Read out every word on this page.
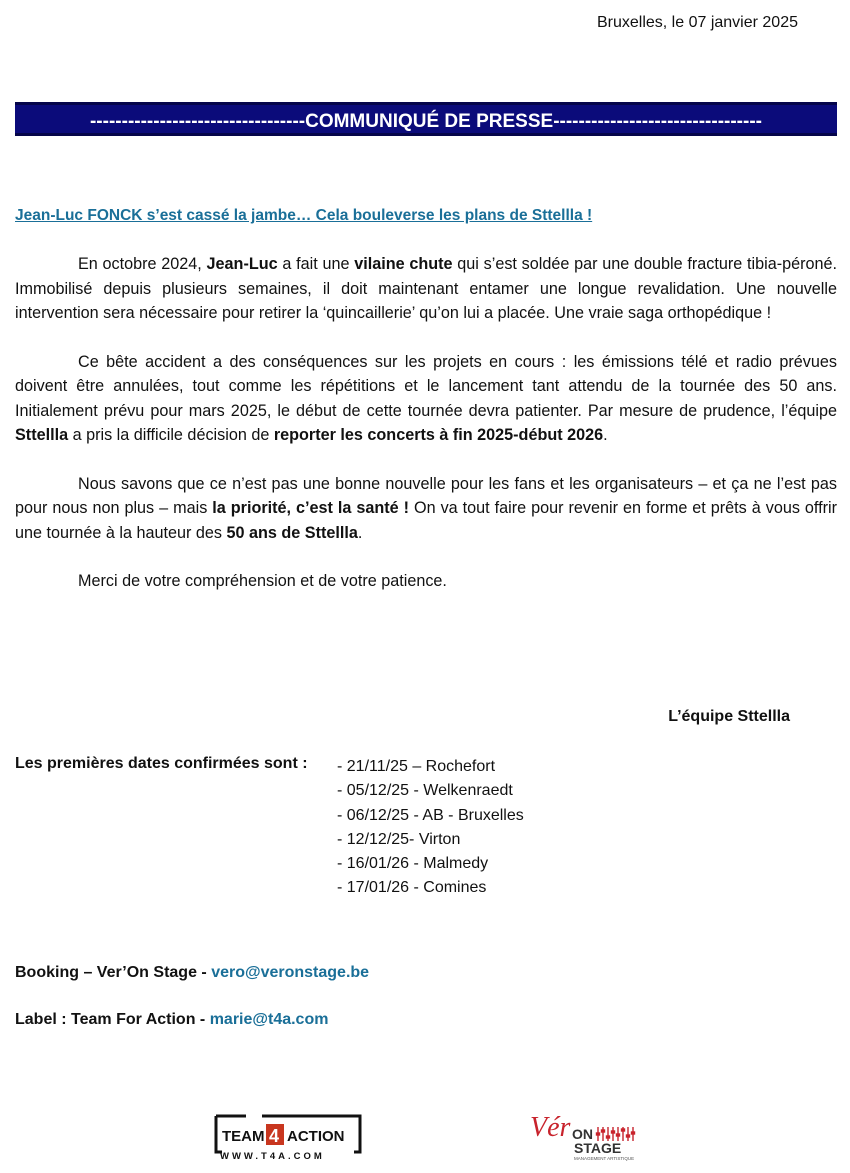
Bruxelles, le 07 janvier 2025
----------------------------------COMMUNIQUÉ DE PRESSE---------------------------------
Jean-Luc FONCK s’est cassé la jambe… Cela bouleverse les plans de Sttellla !

En octobre 2024, Jean-Luc a fait une vilaine chute qui s’est soldée par une double fracture tibia-péroné. Immobilisé depuis plusieurs semaines, il doit maintenant entamer une longue revalidation. Une nouvelle intervention sera nécessaire pour retirer la ‘quincaillerie’ qu’on lui a placée. Une vraie saga orthopédique !

Ce bête accident a des conséquences sur les projets en cours : les émissions télé et radio prévues doivent être annulées, tout comme les répétitions et le lancement tant attendu de la tournée des 50 ans. Initialement prévu pour mars 2025, le début de cette tournée devra patienter. Par mesure de prudence, l’équipe Sttellla a pris la difficile décision de reporter les concerts à fin 2025-début 2026.

Nous savons que ce n’est pas une bonne nouvelle pour les fans et les organisateurs – et ça ne l’est pas pour nous non plus – mais la priorité, c’est la santé ! On va tout faire pour revenir en forme et prêts à vous offrir une tournée à la hauteur des 50 ans de Sttellla.

Merci de votre compréhension et de votre patience.

L’équipe Sttellla
Les premières dates confirmées sont : - 21/11/25 – Rochefort
- 05/12/25 - Welkenraedt
- 06/12/25 - AB - Bruxelles
- 12/12/25- Virton
- 16/01/26 - Malmedy
- 17/01/26 - Comines
Booking – Ver’On Stage - vero@veronstage.be
Label : Team For Action - marie@t4a.com
TEAM 4 ACTION
WWW.T4A.COM
Vér ON
STAGE
MANAGEMENT ARTISTIQUE
